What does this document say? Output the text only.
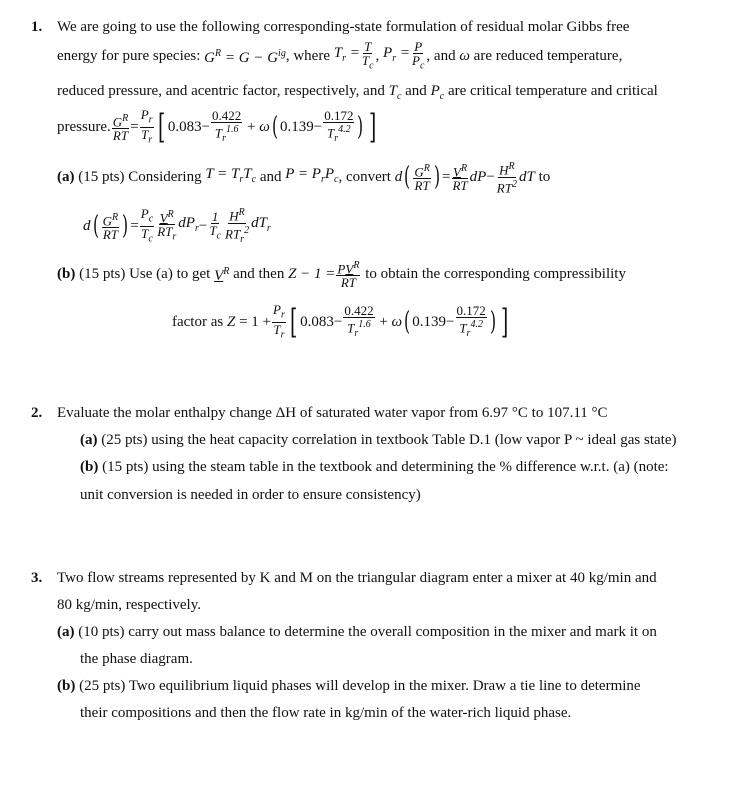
1. We are going to use the following corresponding-state formulation of residual molar Gibbs free
energy for pure species:
$G^R = G - G^{ig}$ , where
$T_r = \frac{T}{T_c}$ , $P_r = \frac{P}{P_c}$ , and
ω
are reduced temperature,
reduced pressure, and acentric factor, respectively, and $T_c$ and $P_c$ are critical temperature and critical
pressure. $\frac{G^R}{RT} = \frac{P_r}{T_r}$ [ $0.083 - \frac{0.422}{T_r^{1.6}} + \omega$ ( $0.139 - \frac{0.172}{T_r^{4.2}}$ ) ]
(a)
(15 pts) Considering
$T = T_rT_c$
and
$P = P_rP_c$ , convert
d ( $\frac{G^R}{RT}$ ) = $\frac{V^R}{RT}$ dP − $\frac{H^R}{RT^2}$ dT
to
d ( $\frac{G^R}{RT}$ ) = $\frac{P_c}{T_c} \frac{V^R}{RT_r} dP_r - \frac{1}{T_c} \frac{H^R}{RT_r^2} dT_r$
(b)
(15 pts) Use (a) to get
$V^R$
and then
$Z - 1 = \frac{PV^R}{RT}$
to obtain the corresponding compressibility
factor as
$Z = 1 + \frac{P_r}{T_r}$ [ $0.083 - \frac{0.422}{T_r^{1.6}} + \omega$ ( $0.139 - \frac{0.172}{T_r^{4.2}}$ ) ]
2. Evaluate the molar enthalpy change ΔH of saturated water vapor from 6.97 °C to 107.11 °C
(a) (25 pts) using the heat capacity correlation in textbook Table D.1 (low vapor P ~ ideal gas state)
(b) (15 pts) using the steam table in the textbook and determining the % difference w.r.t. (a) (note:
unit conversion is needed in order to ensure consistency)
3. Two flow streams represented by K and M on the triangular diagram enter a mixer at 40 kg/min and
80 kg/min, respectively.
(a) (10 pts) carry out mass balance to determine the overall composition in the mixer and mark it on
the phase diagram.
(b) (25 pts) Two equilibrium liquid phases will develop in the mixer. Draw a tie line to determine
their compositions and then the flow rate in kg/min of the water-rich liquid phase.
